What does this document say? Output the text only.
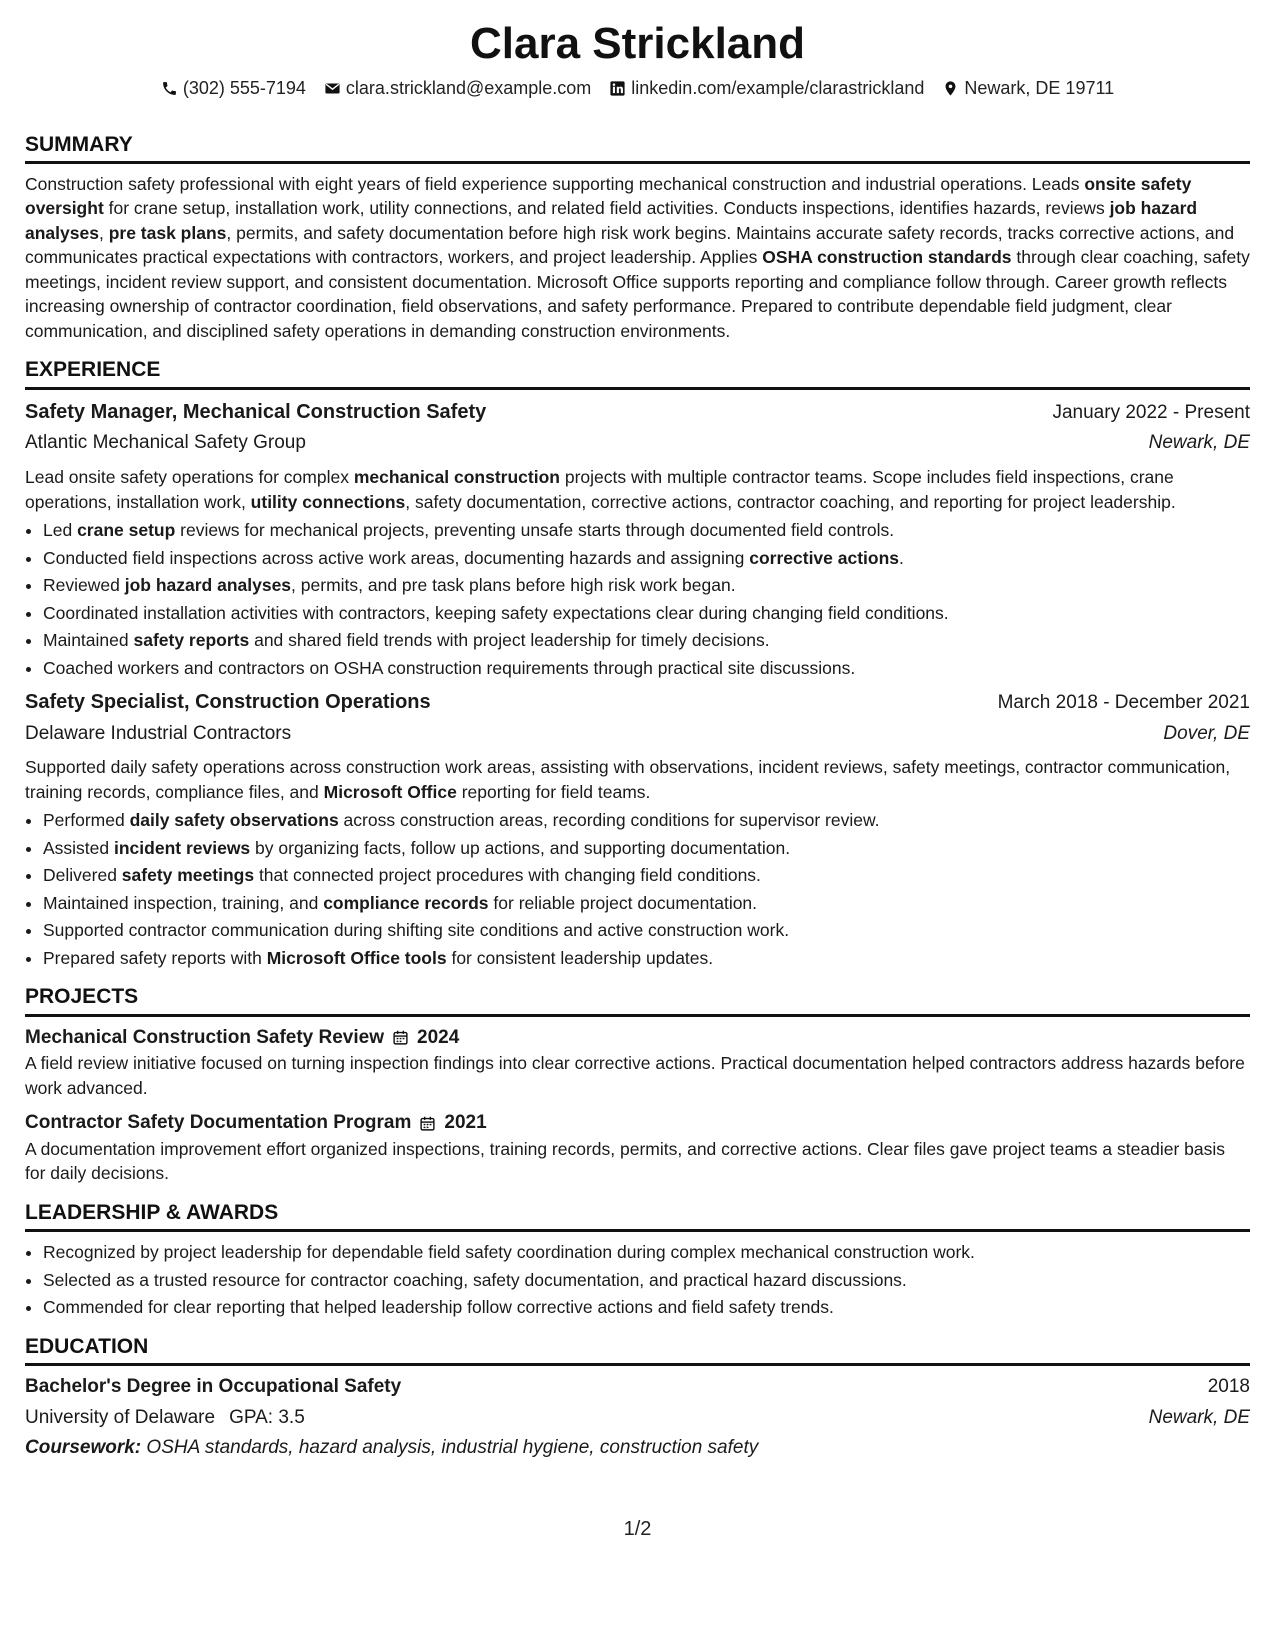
Clara Strickland
(302) 555-7194 clara.strickland@example.com linkedin.com/example/clarastrickland Newark, DE 19711
SUMMARY
Construction safety professional with eight years of field experience supporting mechanical construction and industrial operations. Leads onsite safety oversight for crane setup, installation work, utility connections, and related field activities. Conducts inspections, identifies hazards, reviews job hazard analyses, pre task plans, permits, and safety documentation before high risk work begins. Maintains accurate safety records, tracks corrective actions, and communicates practical expectations with contractors, workers, and project leadership. Applies OSHA construction standards through clear coaching, safety meetings, incident review support, and consistent documentation. Microsoft Office supports reporting and compliance follow through. Career growth reflects increasing ownership of contractor coordination, field observations, and safety performance. Prepared to contribute dependable field judgment, clear communication, and disciplined safety operations in demanding construction environments.
EXPERIENCE
Safety Manager, Mechanical Construction Safety	January 2022 - Present
Atlantic Mechanical Safety Group	Newark, DE
Lead onsite safety operations for complex mechanical construction projects with multiple contractor teams. Scope includes field inspections, crane operations, installation work, utility connections, safety documentation, corrective actions, contractor coaching, and reporting for project leadership.
• Led crane setup reviews for mechanical projects, preventing unsafe starts through documented field controls.
• Conducted field inspections across active work areas, documenting hazards and assigning corrective actions.
• Reviewed job hazard analyses, permits, and pre task plans before high risk work began.
• Coordinated installation activities with contractors, keeping safety expectations clear during changing field conditions.
• Maintained safety reports and shared field trends with project leadership for timely decisions.
• Coached workers and contractors on OSHA construction requirements through practical site discussions.
Safety Specialist, Construction Operations	March 2018 - December 2021
Delaware Industrial Contractors	Dover, DE
Supported daily safety operations across construction work areas, assisting with observations, incident reviews, safety meetings, contractor communication, training records, compliance files, and Microsoft Office reporting for field teams.
• Performed daily safety observations across construction areas, recording conditions for supervisor review.
• Assisted incident reviews by organizing facts, follow up actions, and supporting documentation.
• Delivered safety meetings that connected project procedures with changing field conditions.
• Maintained inspection, training, and compliance records for reliable project documentation.
• Supported contractor communication during shifting site conditions and active construction work.
• Prepared safety reports with Microsoft Office tools for consistent leadership updates.
PROJECTS
Mechanical Construction Safety Review 2024
A field review initiative focused on turning inspection findings into clear corrective actions. Practical documentation helped contractors address hazards before work advanced.
Contractor Safety Documentation Program 2021
A documentation improvement effort organized inspections, training records, permits, and corrective actions. Clear files gave project teams a steadier basis for daily decisions.
LEADERSHIP & AWARDS
• Recognized by project leadership for dependable field safety coordination during complex mechanical construction work.
• Selected as a trusted resource for contractor coaching, safety documentation, and practical hazard discussions.
• Commended for clear reporting that helped leadership follow corrective actions and field safety trends.
EDUCATION
Bachelor's Degree in Occupational Safety	2018
University of Delaware GPA: 3.5	Newark, DE
Coursework: OSHA standards, hazard analysis, industrial hygiene, construction safety
1/2
